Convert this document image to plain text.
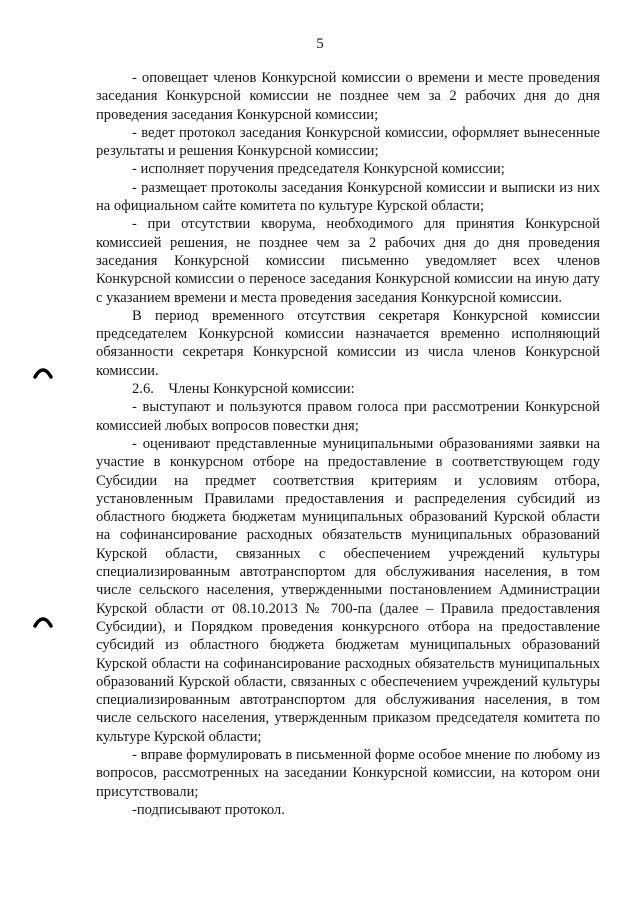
5

- оповещает членов Конкурсной комиссии о времени и месте проведения заседания Конкурсной комиссии не позднее чем за 2 рабочих дня до дня проведения заседания Конкурсной комиссии;

- ведет протокол заседания Конкурсной комиссии, оформляет вынесенные результаты и решения Конкурсной комиссии;

- исполняет поручения председателя Конкурсной комиссии;

- размещает протоколы заседания Конкурсной комиссии и выписки из них на официальном сайте комитета по культуре Курской области;

- при отсутствии кворума, необходимого для принятия Конкурсной комиссией решения, не позднее чем за 2 рабочих дня до дня проведения заседания Конкурсной комиссии письменно уведомляет всех членов Конкурсной комиссии о переносе заседания Конкурсной комиссии на иную дату с указанием времени и места проведения заседания Конкурсной комиссии.

В период временного отсутствия секретаря Конкурсной комиссии председателем Конкурсной комиссии назначается временно исполняющий обязанности секретаря Конкурсной комиссии из числа членов Конкурсной комиссии.

2.6.    Члены Конкурсной комиссии:

- выступают и пользуются правом голоса при рассмотрении Конкурсной комиссией любых вопросов повестки дня;

- оценивают представленные муниципальными образованиями заявки на участие в конкурсном отборе на предоставление в соответствующем году Субсидии на предмет соответствия критериям и условиям отбора, установленным Правилами предоставления и распределения субсидий из областного бюджета бюджетам муниципальных образований Курской области на софинансирование расходных обязательств муниципальных образований Курской области, связанных с обеспечением учреждений культуры специализированным автотранспортом для обслуживания населения, в том числе сельского населения, утвержденными постановлением Администрации Курской области от 08.10.2013 № 700-па (далее – Правила предоставления Субсидии), и Порядком проведения конкурсного отбора на предоставление субсидий из областного бюджета бюджетам муниципальных образований Курской области на софинансирование расходных обязательств муниципальных образований Курской области, связанных с обеспечением учреждений культуры специализированным автотранспортом для обслуживания населения, в том числе сельского населения, утвержденным приказом председателя комитета по культуре Курской области;

- вправе формулировать в письменной форме особое мнение по любому из вопросов, рассмотренных на заседании Конкурсной комиссии, на котором они присутствовали;

-подписывают протокол.
